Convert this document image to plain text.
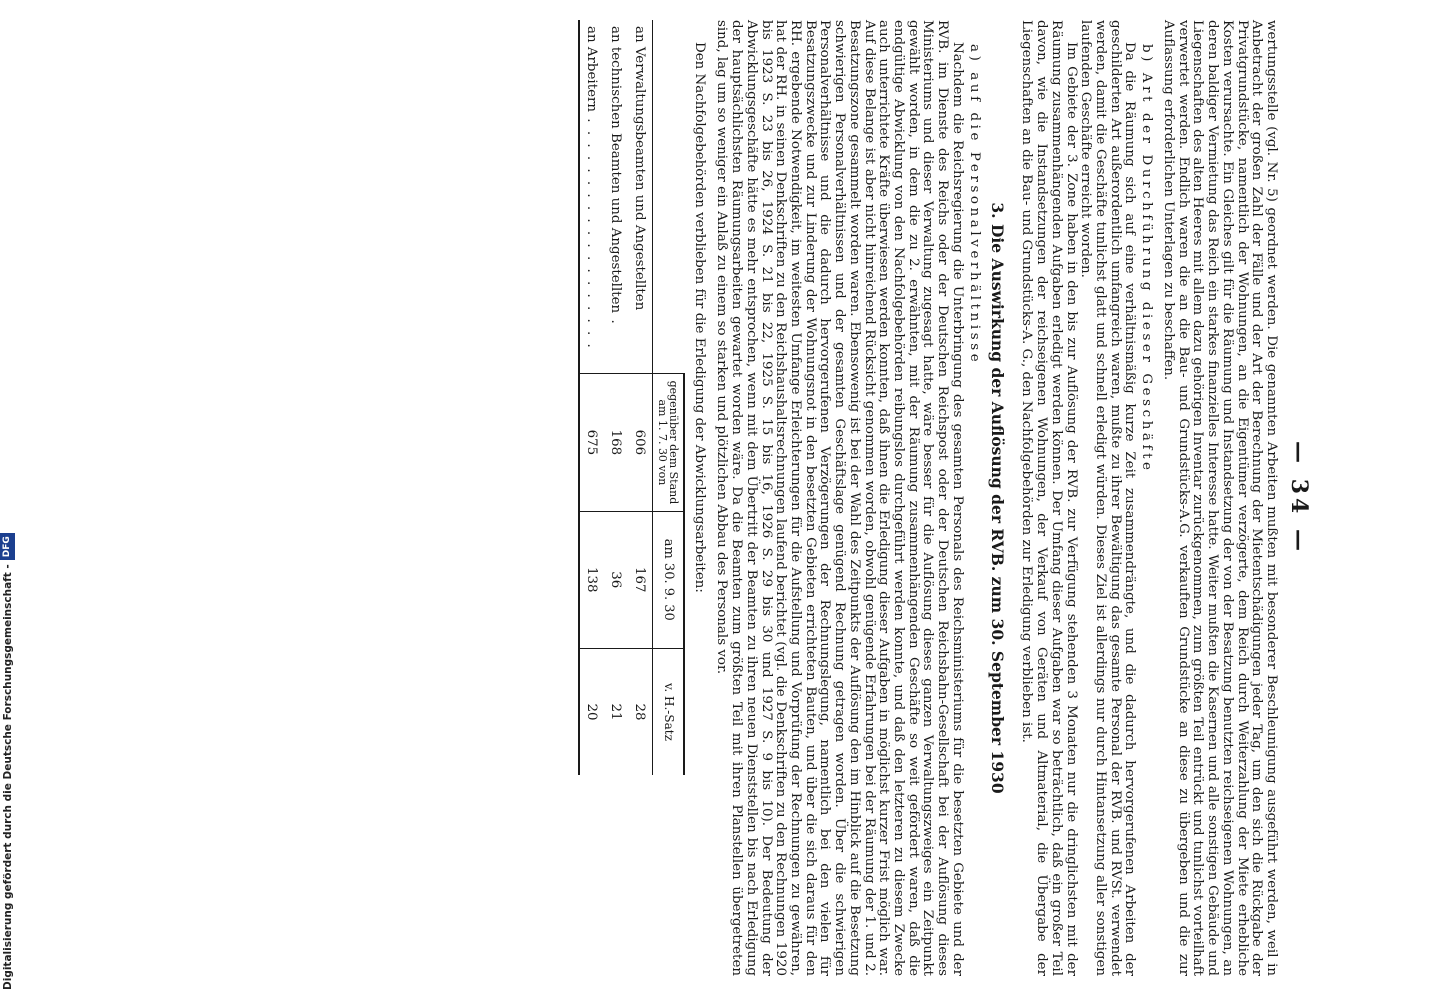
— 34 —

wertungsstelle (vgl. Nr. 5) geordnet werden. Die genannten Arbeiten mußten mit besonderer Beschleunigung ausgeführt werden, weil in Anbetracht der großen Zahl der Fälle und der Art der Berechnung der Mietentschädigungen jeder Tag, um den sich die Rückgabe der Privatgrundstücke, namentlich der Wohnungen, an die Eigentümer verzögerte, dem Reich durch Weiterzahlung der Miete erhebliche Kosten verursachte. Ein Gleiches gilt für die Räumung und Instandsetzung der von der Besatzung benutzten reichseigenen Wohnungen, an deren baldiger Vermietung das Reich ein starkes finanzielles Interesse hatte. Weiter mußten die Kasernen und alle sonstigen Gebäude und Liegenschaften des alten Heeres mit allem dazu gehörigen Inventar zurückgenommen, zum größten Teil entrückt und tunlichst vorteilhaft verwertet werden. Endlich waren die an die Bau- und Grundstücks-A.G. verkauften Grundstücke an diese zu übergeben und die zur Auflassung erforderlichen Unterlagen zu beschaffen.

b) Art der Durchführung dieser Geschäfte

Da die Räumung sich auf eine verhältnismäßig kurze Zeit zusammendrängte, und die dadurch hervorgerufenen Arbeiten der geschilderten Art außerordentlich umfangreich waren, mußte zu ihrer Bewältigung das gesamte Personal der RVB. und RVSt. verwendet werden, damit die Geschäfte tunlichst glatt und schnell erledigt würden. Dieses Ziel ist allerdings nur durch Hintansetzung aller sonstigen laufenden Geschäfte erreicht worden.

Im Gebiete der 3. Zone haben in den bis zur Auflösung der RVB. zur Verfügung stehenden 3 Monaten nur die dringlichsten mit der Räumung zusammenhängenden Aufgaben erledigt werden können. Der Umfang dieser Aufgaben war so beträchtlich, daß ein großer Teil davon, wie die Instandsetzungen der reichseigenen Wohnungen, der Verkauf von Geräten und Altmaterial, die Übergabe der Liegenschaften an die Bau- und Grundstücks-A. G., den Nachfolgebehörden zur Erledigung verblieben ist.

3. Die Auswirkung der Auflösung der RVB. zum 30. September 1930
a) auf die Personalverhältnisse

Nachdem die Reichsregierung die Unterbringung des gesamten Personals des Reichsministeriums für die besetzten Gebiete und der RVB. im Dienste des Reichs oder der Deutschen Reichspost oder der Deutschen Reichsbahn-Gesellschaft bei der Auflösung dieses Ministeriums und dieser Verwaltung zugesagt hatte, wäre besser für die Auflösung dieses ganzen Verwaltungszweiges ein Zeitpunkt gewählt worden, in dem die zu 2. erwähnten, mit der Räumung zusammenhängenden Geschäfte so weit gefördert waren, daß die endgültige Abwicklung von den Nachfolgebehörden reibungslos durchgeführt werden konnte, und daß den letzteren zu diesem Zwecke auch unterrichtete Kräfte überwiesen werden konnten, daß ihnen die Erledigung dieser Aufgaben in möglichst kurzer Frist möglich war. Auf diese Belange ist aber nicht hinreichend Rücksicht genommen worden, obwohl genügende Erfahrungen bei der Räumung der 1. und 2. Besatzungszone gesammelt worden waren. Ebensowenig ist bei der Wahl des Zeitpunkts der Auflösung den im Hinblick auf die Besetzung schwierigen Personalverhältnissen und der gesamten Geschäftslage genügend Rechnung getragen worden. Über die schwierigen Personalverhältnisse und die dadurch hervorgerufenen Verzögerungen der Rechnungslegung, namentlich bei den vielen für Besatzungszwecke und zur Linderung der Wohnungsnot in den besetzten Gebieten errichteten Bauten, und über die sich daraus für den RH. ergebende Notwendigkeit, im weitesten Umfange Erleichterungen für die Aufstellung und Vorprüfung der Rechnungen zu gewähren, hat der RH. in seinen Denkschriften zu den Reichshaushaltsrechnungen laufend berichtet (vgl. die Denkschriften zu den Rechnungen 1920 bis 1923 S. 23 bis 26, 1924 S. 21 bis 22, 1925 S. 15 bis 16, 1926 S. 29 bis 30 und 1927 S. 9 bis 10). Der Bedeutung der Abwicklungsgeschäfte hätte es mehr entsprochen, wenn mit dem Übertritt der Beamten zu ihren neuen Dienststellen bis nach Erledigung der hauptsächlichsten Räumungsarbeiten gewartet worden wäre. Da die Beamten zum größten Teil mit ihren Planstellen übergetreten sind, lag um so weniger ein Anlaß zu einem so starken und plötzlichen Abbau des Personals vor.

Den Nachfolgebehörden verblieben für die Erledigung der Abwicklungsarbeiten:

	gegenüber dem Stand am 1. 7. 30 von	am 30. 9. 30	v. H.-Satz
an Verwaltungsbeamten und Angestellten	606	167	28
an technischen Beamten und Angestellten .	168	36	21
an Arbeitern . . . . . . . . . . . . . . . . . . .	675	138	20
Digitalisierung gefördert durch die Deutsche Forschungsgemeinschaft -
DFG
